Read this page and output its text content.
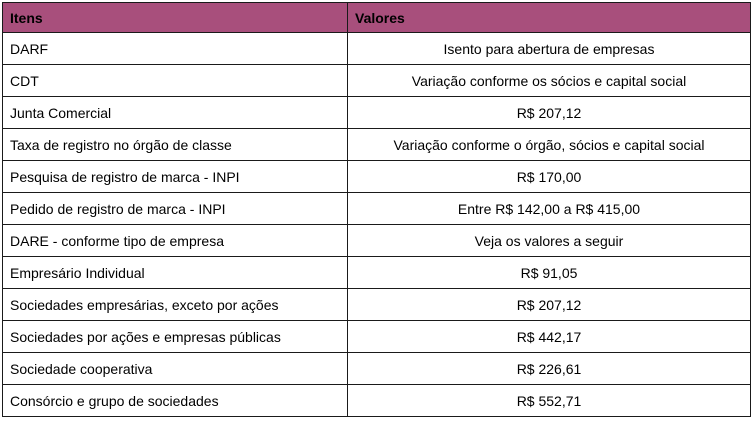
Itens	Valores
DARF	Isento para abertura de empresas
CDT	Variação conforme os sócios e capital social
Junta Comercial	R$ 207,12
Taxa de registro no órgão de classe	Variação conforme o órgão, sócios e capital social
Pesquisa de registro de marca - INPI	R$ 170,00
Pedido de registro de marca - INPI	Entre R$ 142,00 a R$ 415,00
DARE - conforme tipo de empresa	Veja os valores a seguir
Empresário Individual	R$ 91,05
Sociedades empresárias, exceto por ações	R$ 207,12
Sociedades por ações e empresas públicas	R$ 442,17
Sociedade cooperativa	R$ 226,61
Consórcio e grupo de sociedades	R$ 552,71
